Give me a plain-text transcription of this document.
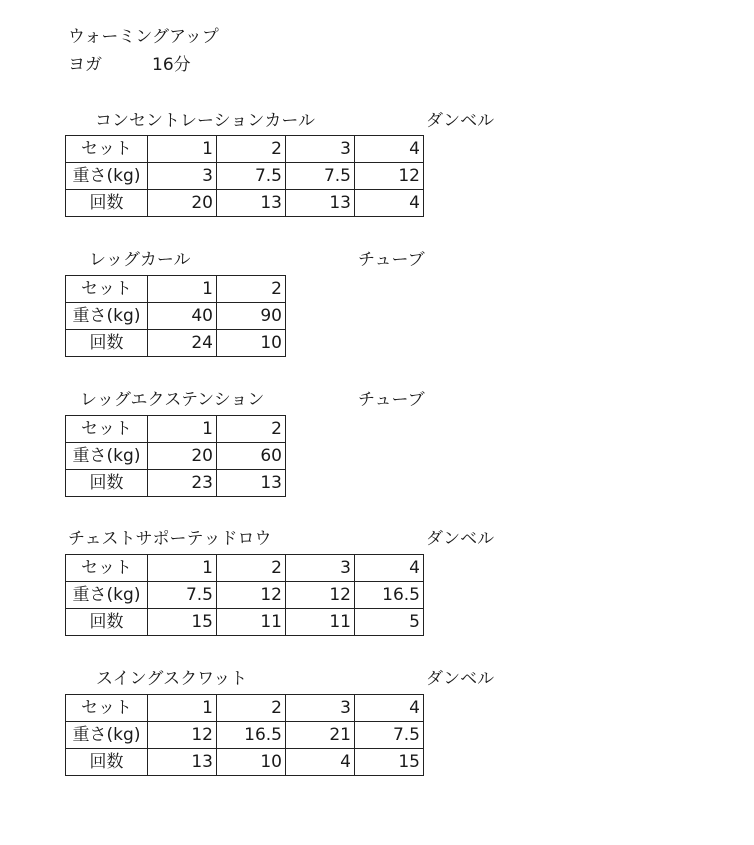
ウォーミングアップ
ヨガ	16分
コンセントレーションカール	ダンベル
セット	1	2	3	4
重さ(kg)	3	7.5	7.5	12
回数	20	13	13	4
レッグカール	チューブ
セット	1	2
重さ(kg)	40	90
回数	24	10
レッグエクステンション	チューブ
セット	1	2
重さ(kg)	20	60
回数	23	13
チェストサポーテッドロウ	ダンベル
セット	1	2	3	4
重さ(kg)	7.5	12	12	16.5
回数	15	11	11	5
スイングスクワット	ダンベル
セット	1	2	3	4
重さ(kg)	12	16.5	21	7.5
回数	13	10	4	15
